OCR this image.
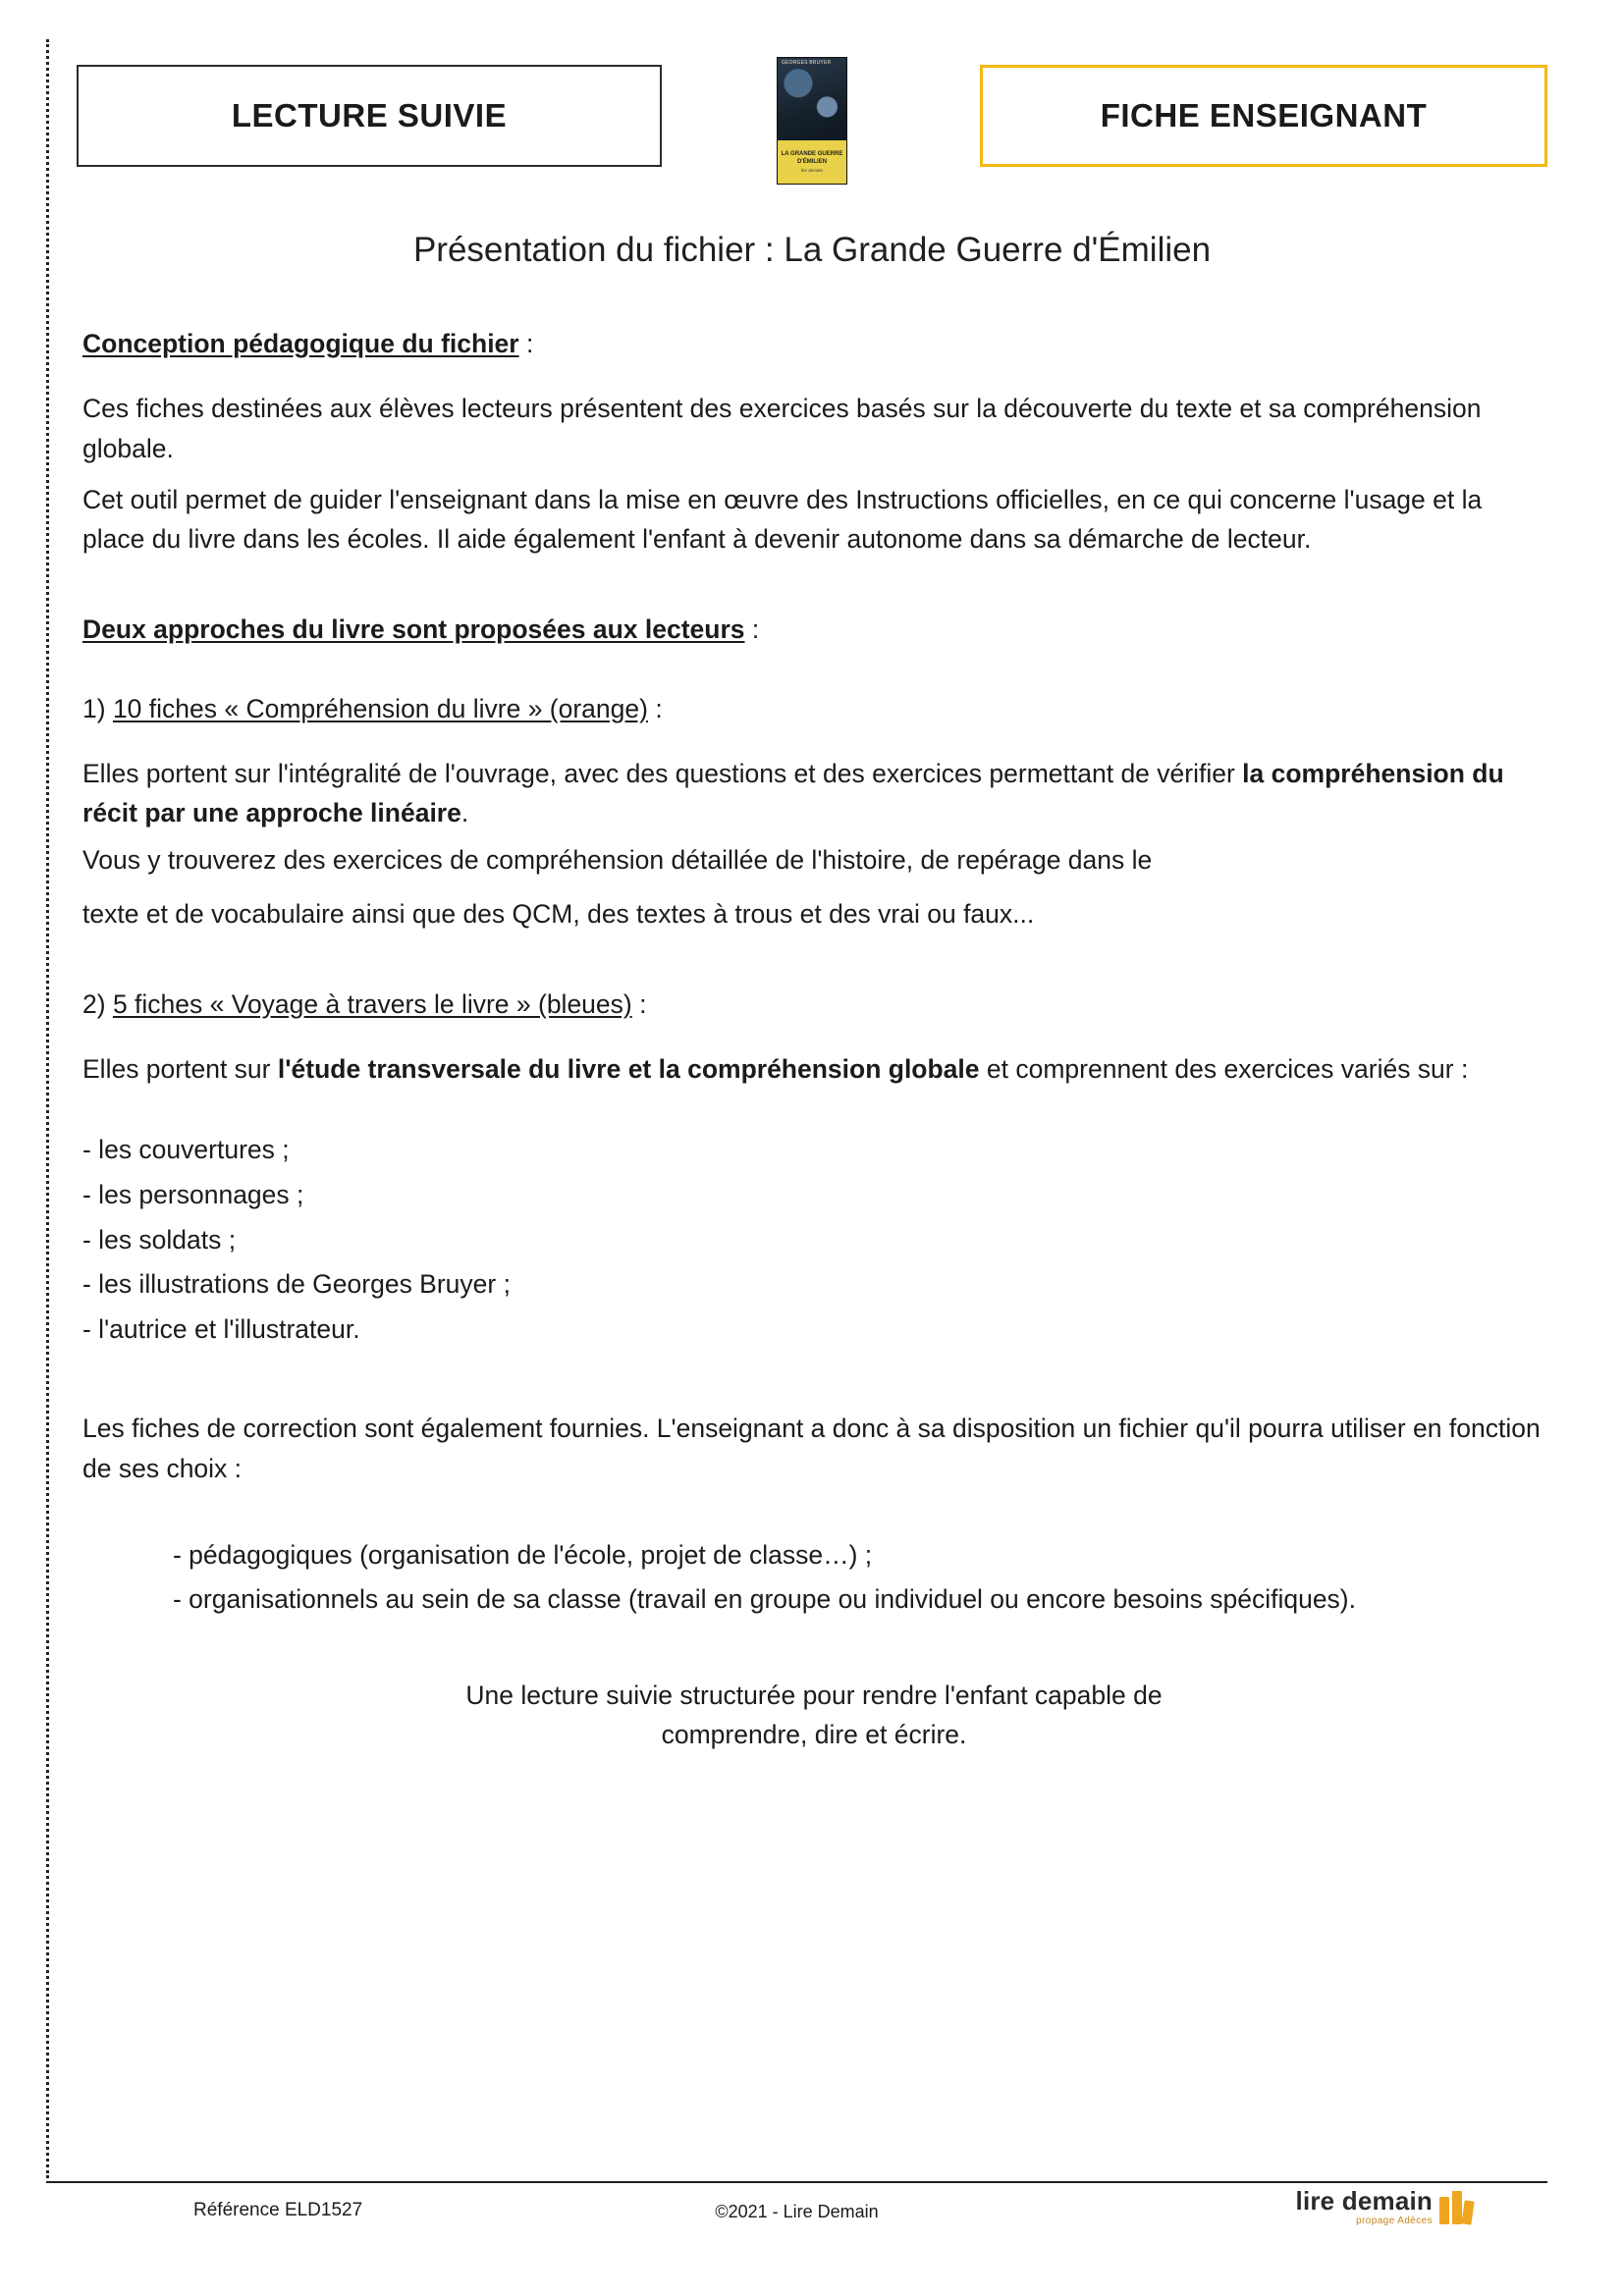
LECTURE SUIVIE
GEORGES BRUYER
LA GRANDE GUERRE D'ÉMILIEN
lire demain
FICHE ENSEIGNANT
Présentation du fichier : La Grande Guerre d'Émilien

Conception pédagogique du fichier :

Ces fiches destinées aux élèves lecteurs présentent des exercices basés sur la découverte du texte et sa compréhension globale.

Cet outil permet de guider l'enseignant dans la mise en œuvre des Instructions officielles, en ce qui concerne l'usage et la place du livre dans les écoles. Il aide également l'enfant à devenir autonome dans sa démarche de lecteur.

Deux approches du livre sont proposées aux lecteurs :

1) 10 fiches « Compréhension du livre » (orange) :

Elles portent sur l'intégralité de l'ouvrage, avec des questions et des exercices permettant de vérifier la compréhension du récit par une approche linéaire.

Vous y trouverez des exercices de compréhension détaillée de l'histoire, de repérage dans le

texte et de vocabulaire ainsi que des QCM, des textes à trous et des vrai ou faux...

2) 5 fiches « Voyage à travers le livre » (bleues) :

Elles portent sur l'étude transversale du livre et la compréhension globale et comprennent des exercices variés sur :

- les couvertures ;

- les personnages ;

- les soldats ;

- les illustrations de Georges Bruyer ;

- l'autrice et l'illustrateur.

Les fiches de correction sont également fournies. L'enseignant a donc à sa disposition un fichier qu'il pourra utiliser en fonction de ses choix :

- pédagogiques (organisation de l'école, projet de classe…) ;

- organisationnels au sein de sa classe (travail en groupe ou individuel ou encore besoins spécifiques).

Une lecture suivie structurée pour rendre l'enfant capable de

comprendre, dire et écrire.

Référence ELD1527	©2021 - Lire Demain	lire demain
propage Adèces
